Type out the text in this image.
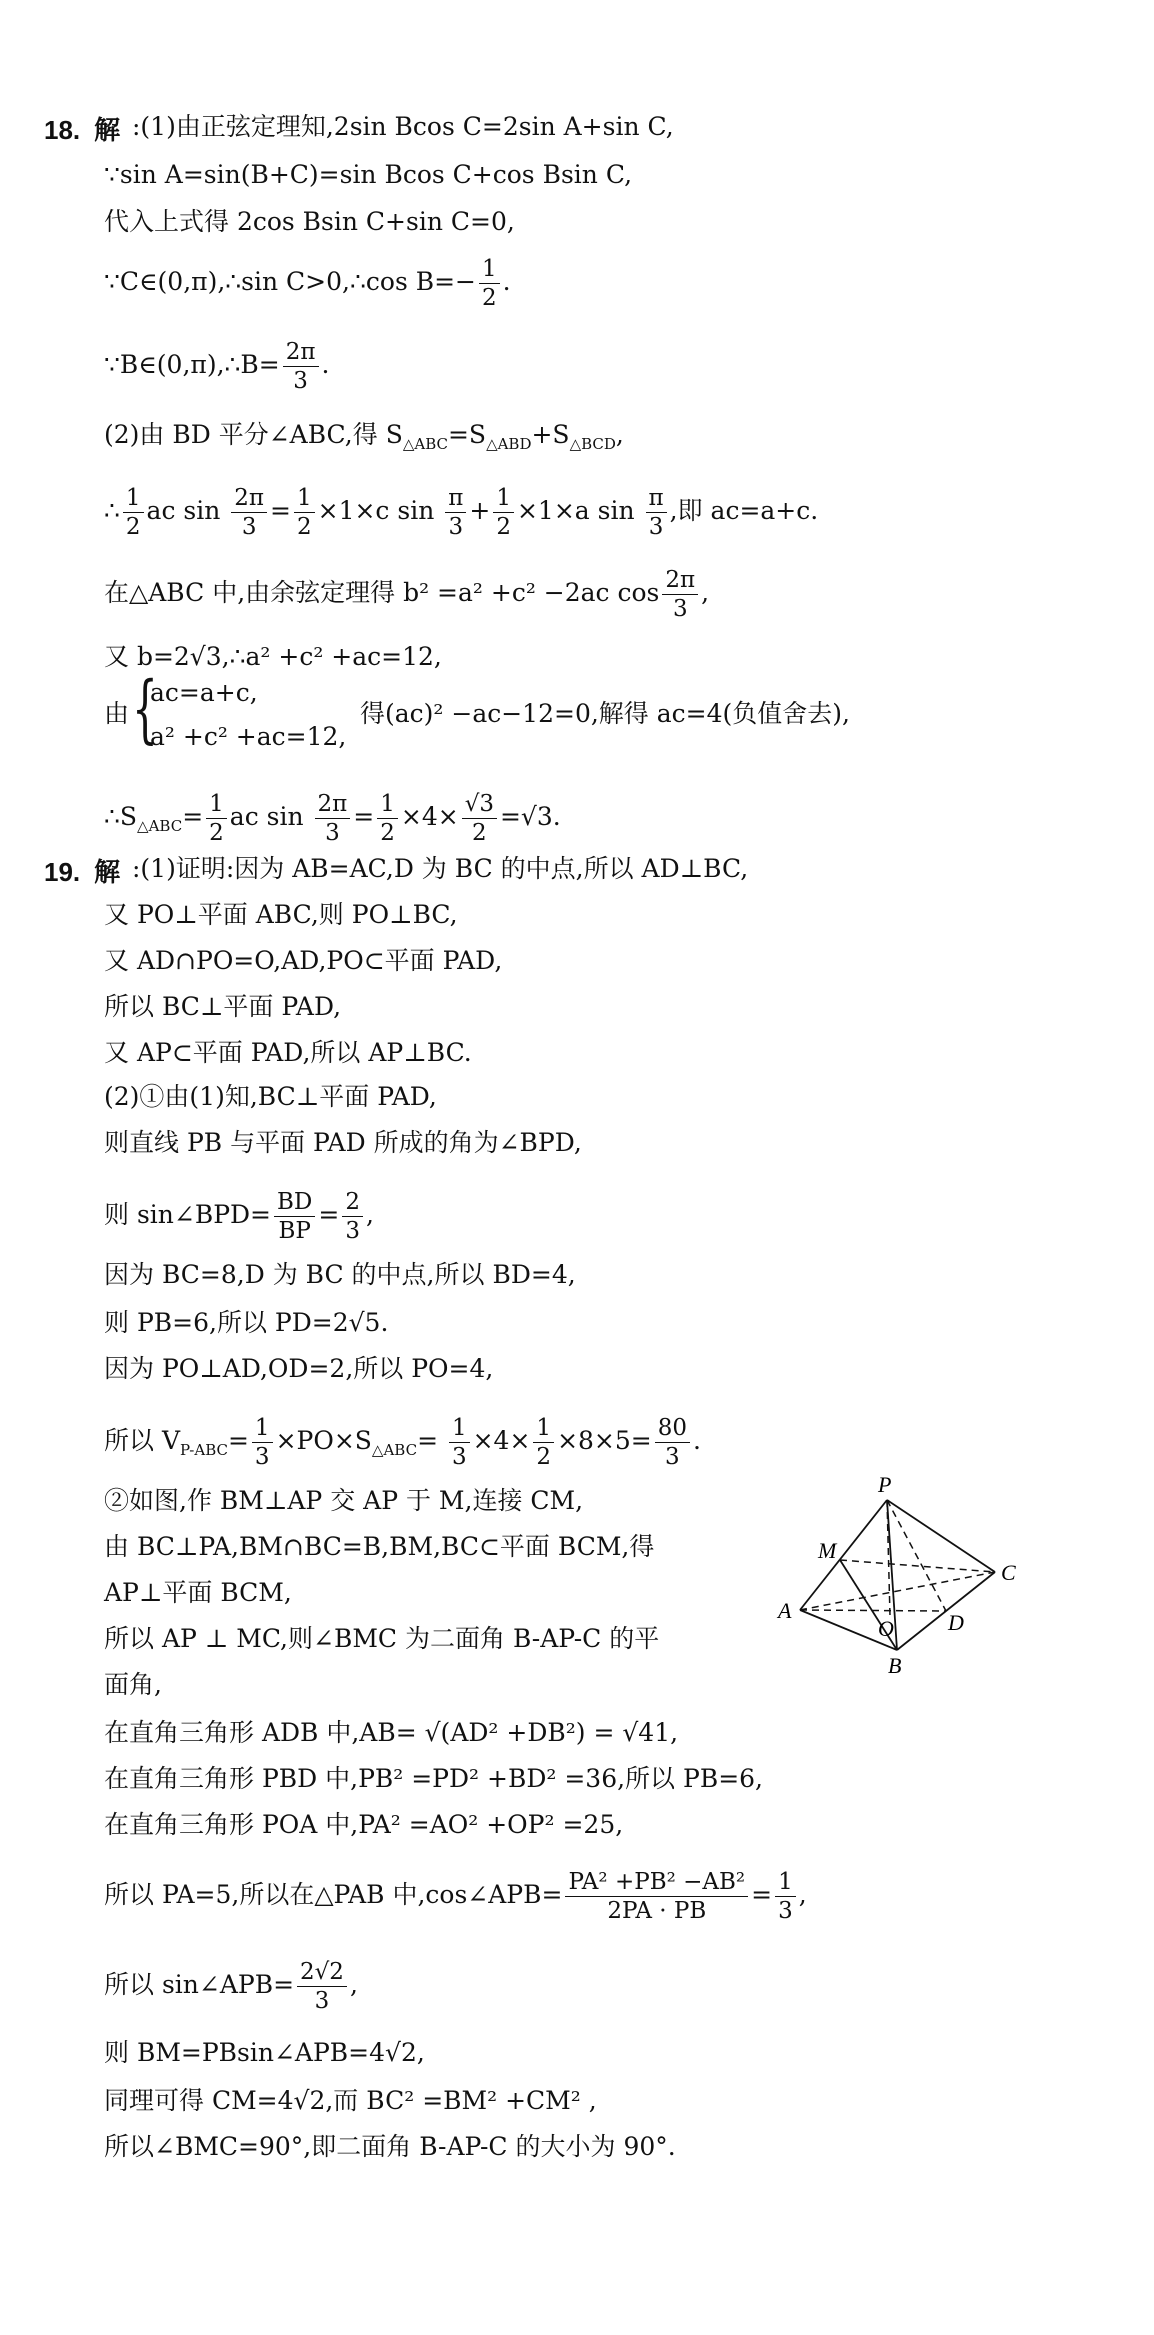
18. 解 :(1)由正弦定理知,2sin Bcos C=2sin A+sin C,
∵sin A=sin(B+C)=sin Bcos C+cos Bsin C,
代入上式得 2cos Bsin C+sin C=0,
∵C∈(0,π),∴sin C>0,∴cos $B=- \frac{1}{2}$ .
∵B∈(0,π),∴B= $\frac{2\pi}{3}$ .
(2)由 BD 平分∠ABC,得 $S_{\triangle ABC}=S_{\triangle ABD}+S_{\triangle BCD}$,
∴ $\frac{1}{2}$ ac $\sin \frac{2\pi}{3} = \frac{1}{2} \times 1\times c$ $\sin \frac{\pi}{3} + \frac{1}{2} \times 1\times a$ $\sin \frac{\pi}{3}$ ,即 ac=a+c.
在△ABC 中,由余弦定理得 b² =a² +c² −2ac $\cos \frac{2\pi}{3}$ ,
又 b=2√3,∴a² +c² +ac=12,
由 {
ac=a+c,
a² +c² +ac=12,
得(ac)² −ac−12=0,解得 ac=4(负值舍去),
$\therefore S_{\triangle ABC}= \frac{1}{2}$ ac $\sin \frac{2\pi}{3} = \frac{1}{2} \times 4\times \frac{√3}{2} =√3$.
19. 解 :(1)证明:因为 AB=AC,D 为 BC 的中点,所以 AD⊥BC,
又 PO⊥平面 ABC,则 PO⊥BC,
又 AD∩PO=O,AD,PO⊂平面 PAD,
所以 BC⊥平面 PAD,
又 AP⊂平面 PAD,所以 AP⊥BC.
(2)①由(1)知,BC⊥平面 PAD,
则直线 PB 与平面 PAD 所成的角为∠BPD,
则 sin∠BPD= $\frac{BD}{BP} = \frac{2}{3}$ ,
因为 BC=8,D 为 BC 的中点,所以 BD=4,
则 PB=6,所以 PD=2√5.
因为 PO⊥AD,OD=2,所以 PO=4,
所以 $V_{P-ABC}= \frac{1}{3} \times PO\times S_{\triangle ABC}= \frac{1}{3} \times 4\times \frac{1}{2} \times 8\times 5= \frac{80}{3}$ .
②如图,作 BM⊥AP 交 AP 于 M,连接 CM,
由 BC⊥PA,BM∩BC=B,BM,BC⊂平面 BCM,得
AP⊥平面 BCM,
所以 AP ⊥ MC,则∠BMC 为二面角 B-AP-C 的平
面角,
P
M
C
A
O D
B
在直角三角形 ADB 中,AB= √(AD² +DB²) = √41,
在直角三角形 PBD 中,PB² =PD² +BD² =36,所以 PB=6,
在直角三角形 POA 中,PA² =AO² +OP² =25,
所以 PA=5,所以在△PAB 中,cos∠APB= $\frac{\text{PA² +PB² −AB²}}{2PA \cdot PB} = \frac{1}{3}$ ,
所以 sin∠APB= $\frac{2√2}{3}$ ,
则 BM=PBsin∠APB=4√2,
同理可得 CM=4√2,而 BC² =BM² +CM² ,
所以∠BMC=90°,即二面角 B-AP-C 的大小为 90°.
